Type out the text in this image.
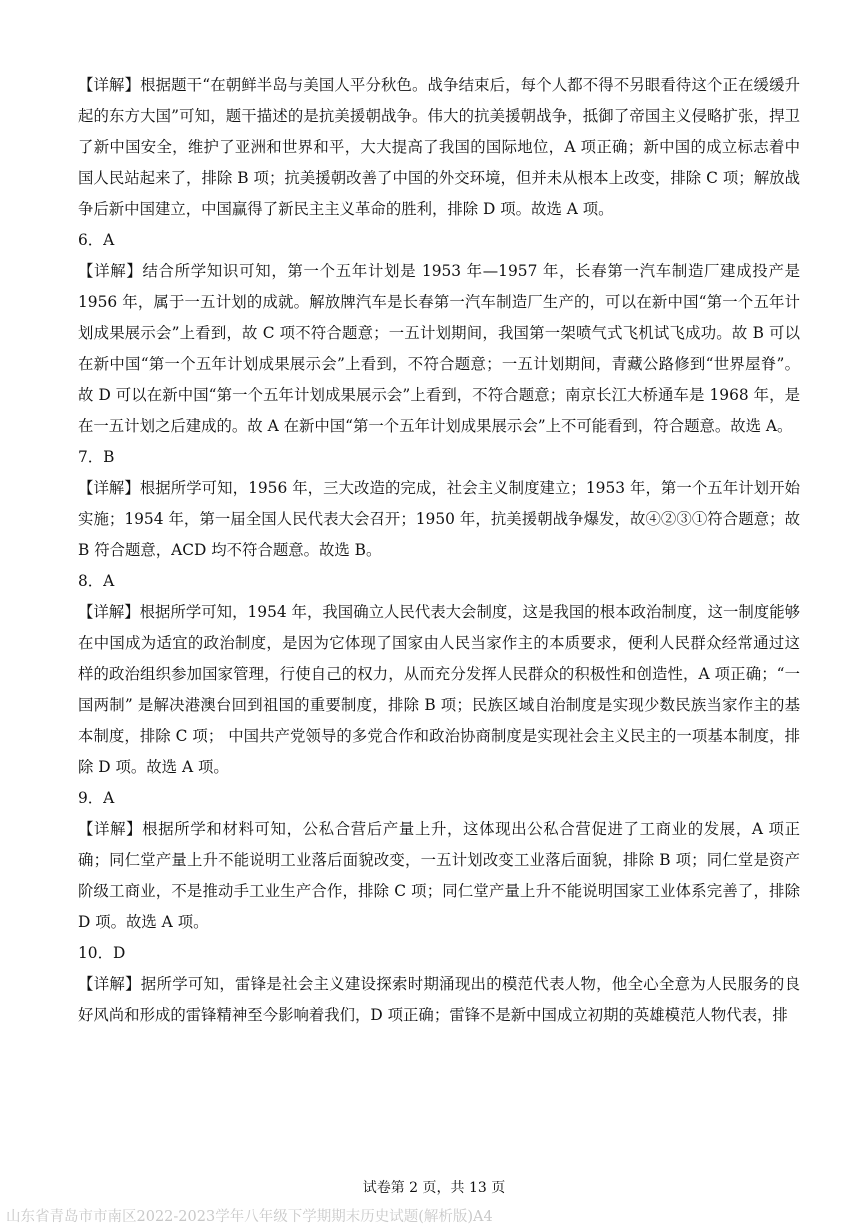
【详解】根据题干“在朝鲜半岛与美国人平分秋色。战争结束后，每个人都不得不另眼看待这个正在缓缓升起的东方大国”可知，题干描述的是抗美援朝战争。伟大的抗美援朝战争，抵御了帝国主义侵略扩张，捍卫了新中国安全，维护了亚洲和世界和平，大大提高了我国的国际地位，A 项正确；新中国的成立标志着中国人民站起来了，排除 B 项；抗美援朝改善了中国的外交环境，但并未从根本上改变，排除 C 项；解放战争后新中国建立，中国赢得了新民主主义革命的胜利，排除 D 项。故选 A 项。

6．A

【详解】结合所学知识可知，第一个五年计划是 1953 年—1957 年，长春第一汽车制造厂建成投产是 1956 年，属于一五计划的成就。解放牌汽车是长春第一汽车制造厂生产的，可以在新中国“第一个五年计划成果展示会”上看到，故 C 项不符合题意；一五计划期间，我国第一架喷气式飞机试飞成功。故 B 可以在新中国“第一个五年计划成果展示会”上看到，不符合题意；一五计划期间，青藏公路修到“世界屋脊”。故 D 可以在新中国“第一个五年计划成果展示会”上看到，不符合题意；南京长江大桥通车是 1968 年，是在一五计划之后建成的。故 A 在新中国“第一个五年计划成果展示会”上不可能看到，符合题意。故选 A。

7．B

【详解】根据所学可知，1956 年，三大改造的完成，社会主义制度建立；1953 年，第一个五年计划开始实施；1954 年，第一届全国人民代表大会召开；1950 年，抗美援朝战争爆发，故④②③①符合题意；故 B 符合题意，ACD 均不符合题意。故选 B。

8．A

【详解】根据所学可知，1954 年，我国确立人民代表大会制度，这是我国的根本政治制度，这一制度能够在中国成为适宜的政治制度，是因为它体现了国家由人民当家作主的本质要求，便利人民群众经常通过这样的政治组织参加国家管理，行使自己的权力，从而充分发挥人民群众的积极性和创造性，A 项正确；“一国两制” 是解决港澳台回到祖国的重要制度，排除 B 项；民族区域自治制度是实现少数民族当家作主的基本制度，排除 C 项； 中国共产党领导的多党合作和政治协商制度是实现社会主义民主的一项基本制度，排除 D 项。故选 A 项。

9．A

【详解】根据所学和材料可知，公私合营后产量上升，这体现出公私合营促进了工商业的发展，A 项正确；同仁堂产量上升不能说明工业落后面貌改变，一五计划改变工业落后面貌，排除 B 项；同仁堂是资产阶级工商业，不是推动手工业生产合作，排除 C 项；同仁堂产量上升不能说明国家工业体系完善了，排除 D 项。故选 A 项。

10．D

【详解】据所学可知，雷锋是社会主义建设探索时期涌现出的模范代表人物，他全心全意为人民服务的良好风尚和形成的雷锋精神至今影响着我们，D 项正确；雷锋不是新中国成立初期的英雄模范人物代表，排

试卷第 2 页，共 13 页
山东省青岛市市南区2022-2023学年八年级下学期期末历史试题(解析版)A4
